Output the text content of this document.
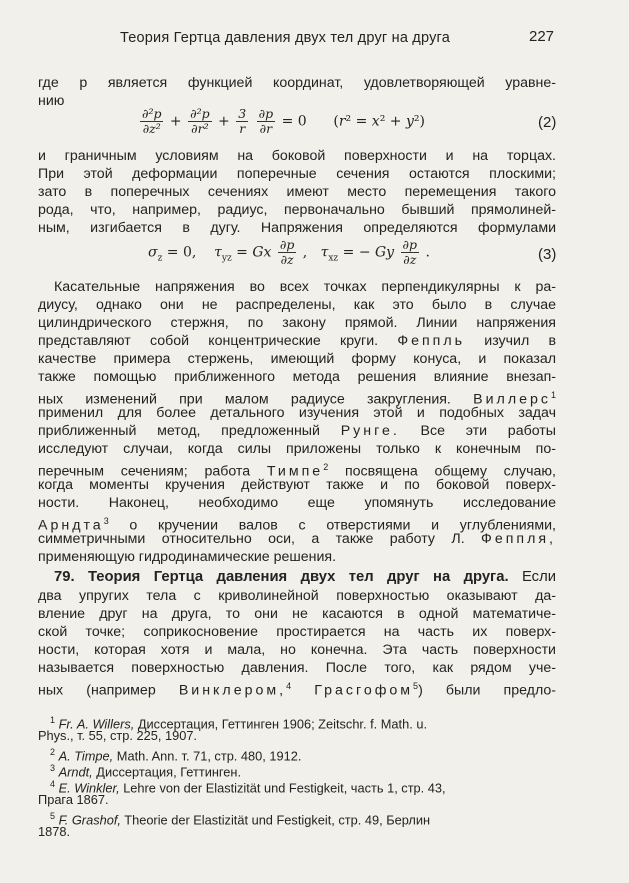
Теория Гертца давления двух тел друг на друга	227
где p является функцией координат, удовлетворяющей уравне-
нию
$\frac{\text{∂²p}}{\text{∂z²}} + \frac{\text{∂²p}}{\text{∂r²}} + \frac{3}{r}$
$\frac{\partial p}{\partial r} = 0$      (r² = x² + y²)	(2)
и граничным условиям на боковой поверхности и на торцах.
При этой деформации поперечные сечения остаются плоскими;
зато в поперечных сечениях имеют место перемещения такого
рода, что, например, радиус, первоначально бывший прямолиней-
ным, изгибается в дугу. Напряжения определяются формулами
$\sigma_z = 0$,    $\tau_{yz} = Gx \frac{\partial p}{\partial z}$ ,   $\tau_{xz}$ = − Gy $\frac{\partial p}{\partial z}$ .	(3)
Касательные напряжения во всех точках перпендикулярны к ра-
диусу, однако они не распределены, как это было в случае
цилиндрического стержня, по закону прямой. Линии напряжения
представляют собой концентрические круги. Феппль изучил в
качестве примера стержень, имеющий форму конуса, и показал
также помощью приближенного метода решения влияние внезап-
ных изменений при малом радиусе закругления. Виллерс$^1$
применил для более детального изучения этой и подобных задач
приближенный метод, предложенный Рунге. Все эти работы
исследуют случаи, когда силы приложены только к конечным по-
перечным сечениям; работа Тимпе$^2$ посвящена общему случаю,
когда моменты кручения действуют также и по боковой поверх-
ности. Наконец, необходимо еще упомянуть исследование
Арндта$^3$ о кручении валов с отверстиями и углублениями,
симметричными относительно оси, а также работу Л. Феппля,
применяющую гидродинамические решения.
79. Теория Гертца давления двух тел друг на друга. Если
два упругих тела с криволинейной поверхностью оказывают да-
вление друг на друга, то они не касаются в одной математиче-
ской точке; соприкосновение простирается на часть их поверх-
ности, которая хотя и мала, но конечна. Эта часть поверхности
называется поверхностью давления. После того, как рядом уче-
ных (например Винклером,$^4$ Грасгофом$^5$) были предло-
$^1$ Fr. A. Willers, Диссертация, Геттинген 1906; Zeitschr. f. Math. u.
Phys., т. 55, стр. 225, 1907.
$^2$ A. Timpe, Math. Ann. т. 71, стр. 480, 1912.
$^3$ Arndt, Диссертация, Геттинген.
$^4$ E. Winkler, Lehre von der Elastizität und Festigkeit, часть 1, стр. 43,
Прага 1867.
$^5$ F. Grashof, Theorie der Elastizität und Festigkeit, стр. 49, Берлин
1878.
